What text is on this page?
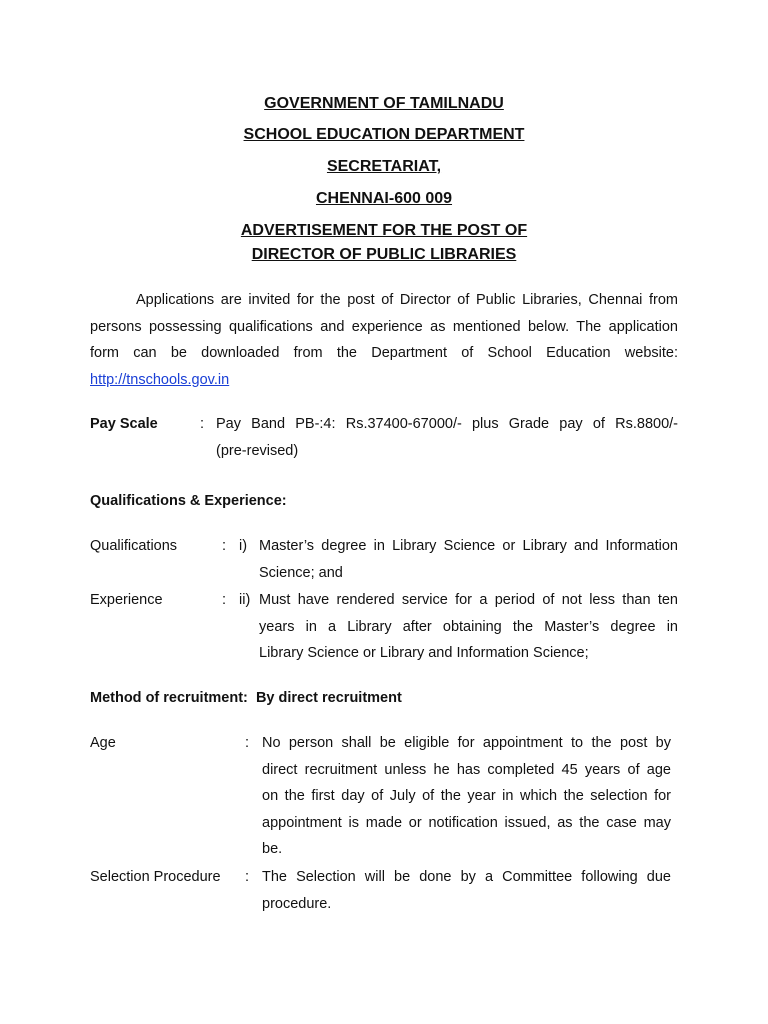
GOVERNMENT OF TAMILNADU
SCHOOL EDUCATION DEPARTMENT
SECRETARIAT,
CHENNAI-600 009
ADVERTISEMENT FOR THE POST OF
DIRECTOR OF PUBLIC LIBRARIES
Applications are invited for the post of Director of Public Libraries, Chennai from persons possessing qualifications and experience as mentioned below. The application form can be downloaded from the Department of School Education website: http://tnschools.gov.in
Pay Scale	: Pay Band PB-:4: Rs.37400-67000/- plus Grade pay of Rs.8800/-
(pre-revised)
Qualifications & Experience:
Qualifications	: i) Master’s degree in Library Science or Library and Information
Science; and
Experience	: ii) Must have rendered service for a period of not less than ten
years in a Library after obtaining the Master’s degree in
Library Science or Library and Information Science;
Method of recruitment: By direct recruitment
Age	: No person shall be eligible for appointment to the post by
direct recruitment unless he has completed 45 years of age
on the first day of July of the year in which the selection for
appointment is made or notification issued, as the case may
be.
Selection Procedure : The Selection will be done by a Committee following due
procedure.
